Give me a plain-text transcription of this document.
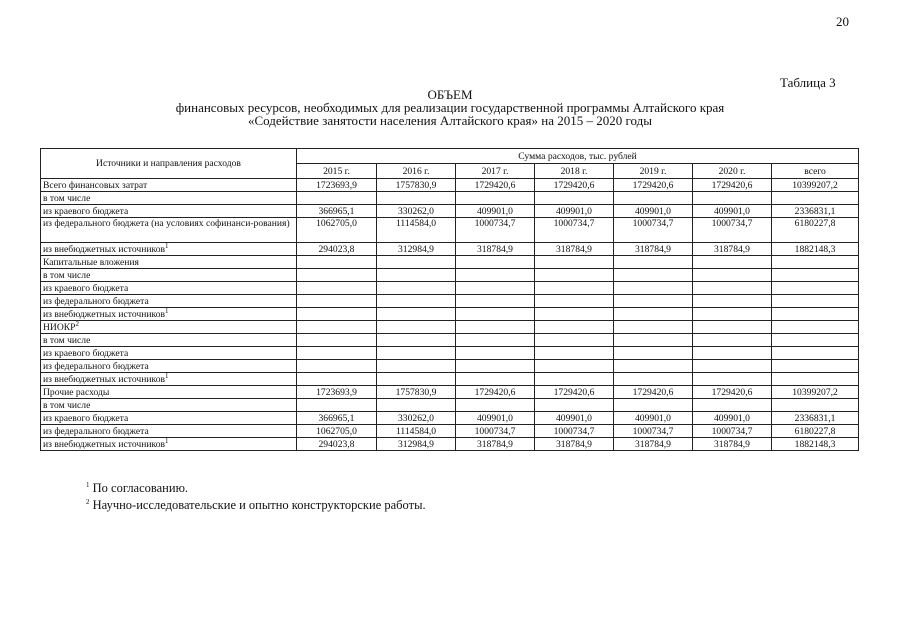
20
Таблица 3
ОБЪЕМ
финансовых ресурсов, необходимых для реализации государственной программы Алтайского края
«Содействие занятости населения Алтайского края» на 2015 – 2020 годы
Источники и направления расходов	Сумма расходов, тыс. рублей						
	2015 г.	2016 г.	2017 г.	2018 г.	2019 г.	2020 г.	всего
Всего финансовых затрат	1723693,9	1757830,9	1729420,6	1729420,6	1729420,6	1729420,6	10399207,2
в том числе							
из краевого бюджета	366965,1	330262,0	409901,0	409901,0	409901,0	409901,0	2336831,1
из федерального бюджета (на условиях софинанси-рования)	1062705,0	1114584,0	1000734,7	1000734,7	1000734,7	1000734,7	6180227,8
из внебюджетных источников$^1$	294023,8	312984,9	318784,9	318784,9	318784,9	318784,9	1882148,3
Капитальные вложения							
в том числе							
из краевого бюджета							
из федерального бюджета							
из внебюджетных источников$^1$							
НИОКР$^2$							
в том числе							
из краевого бюджета							
из федерального бюджета							
из внебюджетных источников$^1$							
Прочие расходы	1723693,9	1757830,9	1729420,6	1729420,6	1729420,6	1729420,6	10399207,2
в том числе							
из краевого бюджета	366965,1	330262,0	409901,0	409901,0	409901,0	409901,0	2336831,1
из федерального бюджета	1062705,0	1114584,0	1000734,7	1000734,7	1000734,7	1000734,7	6180227,8
из внебюджетных источников$^1$	294023,8	312984,9	318784,9	318784,9	318784,9	318784,9	1882148,3
$^1$ По согласованию.
$^2$ Научно-исследовательские и опытно конструкторские работы.
